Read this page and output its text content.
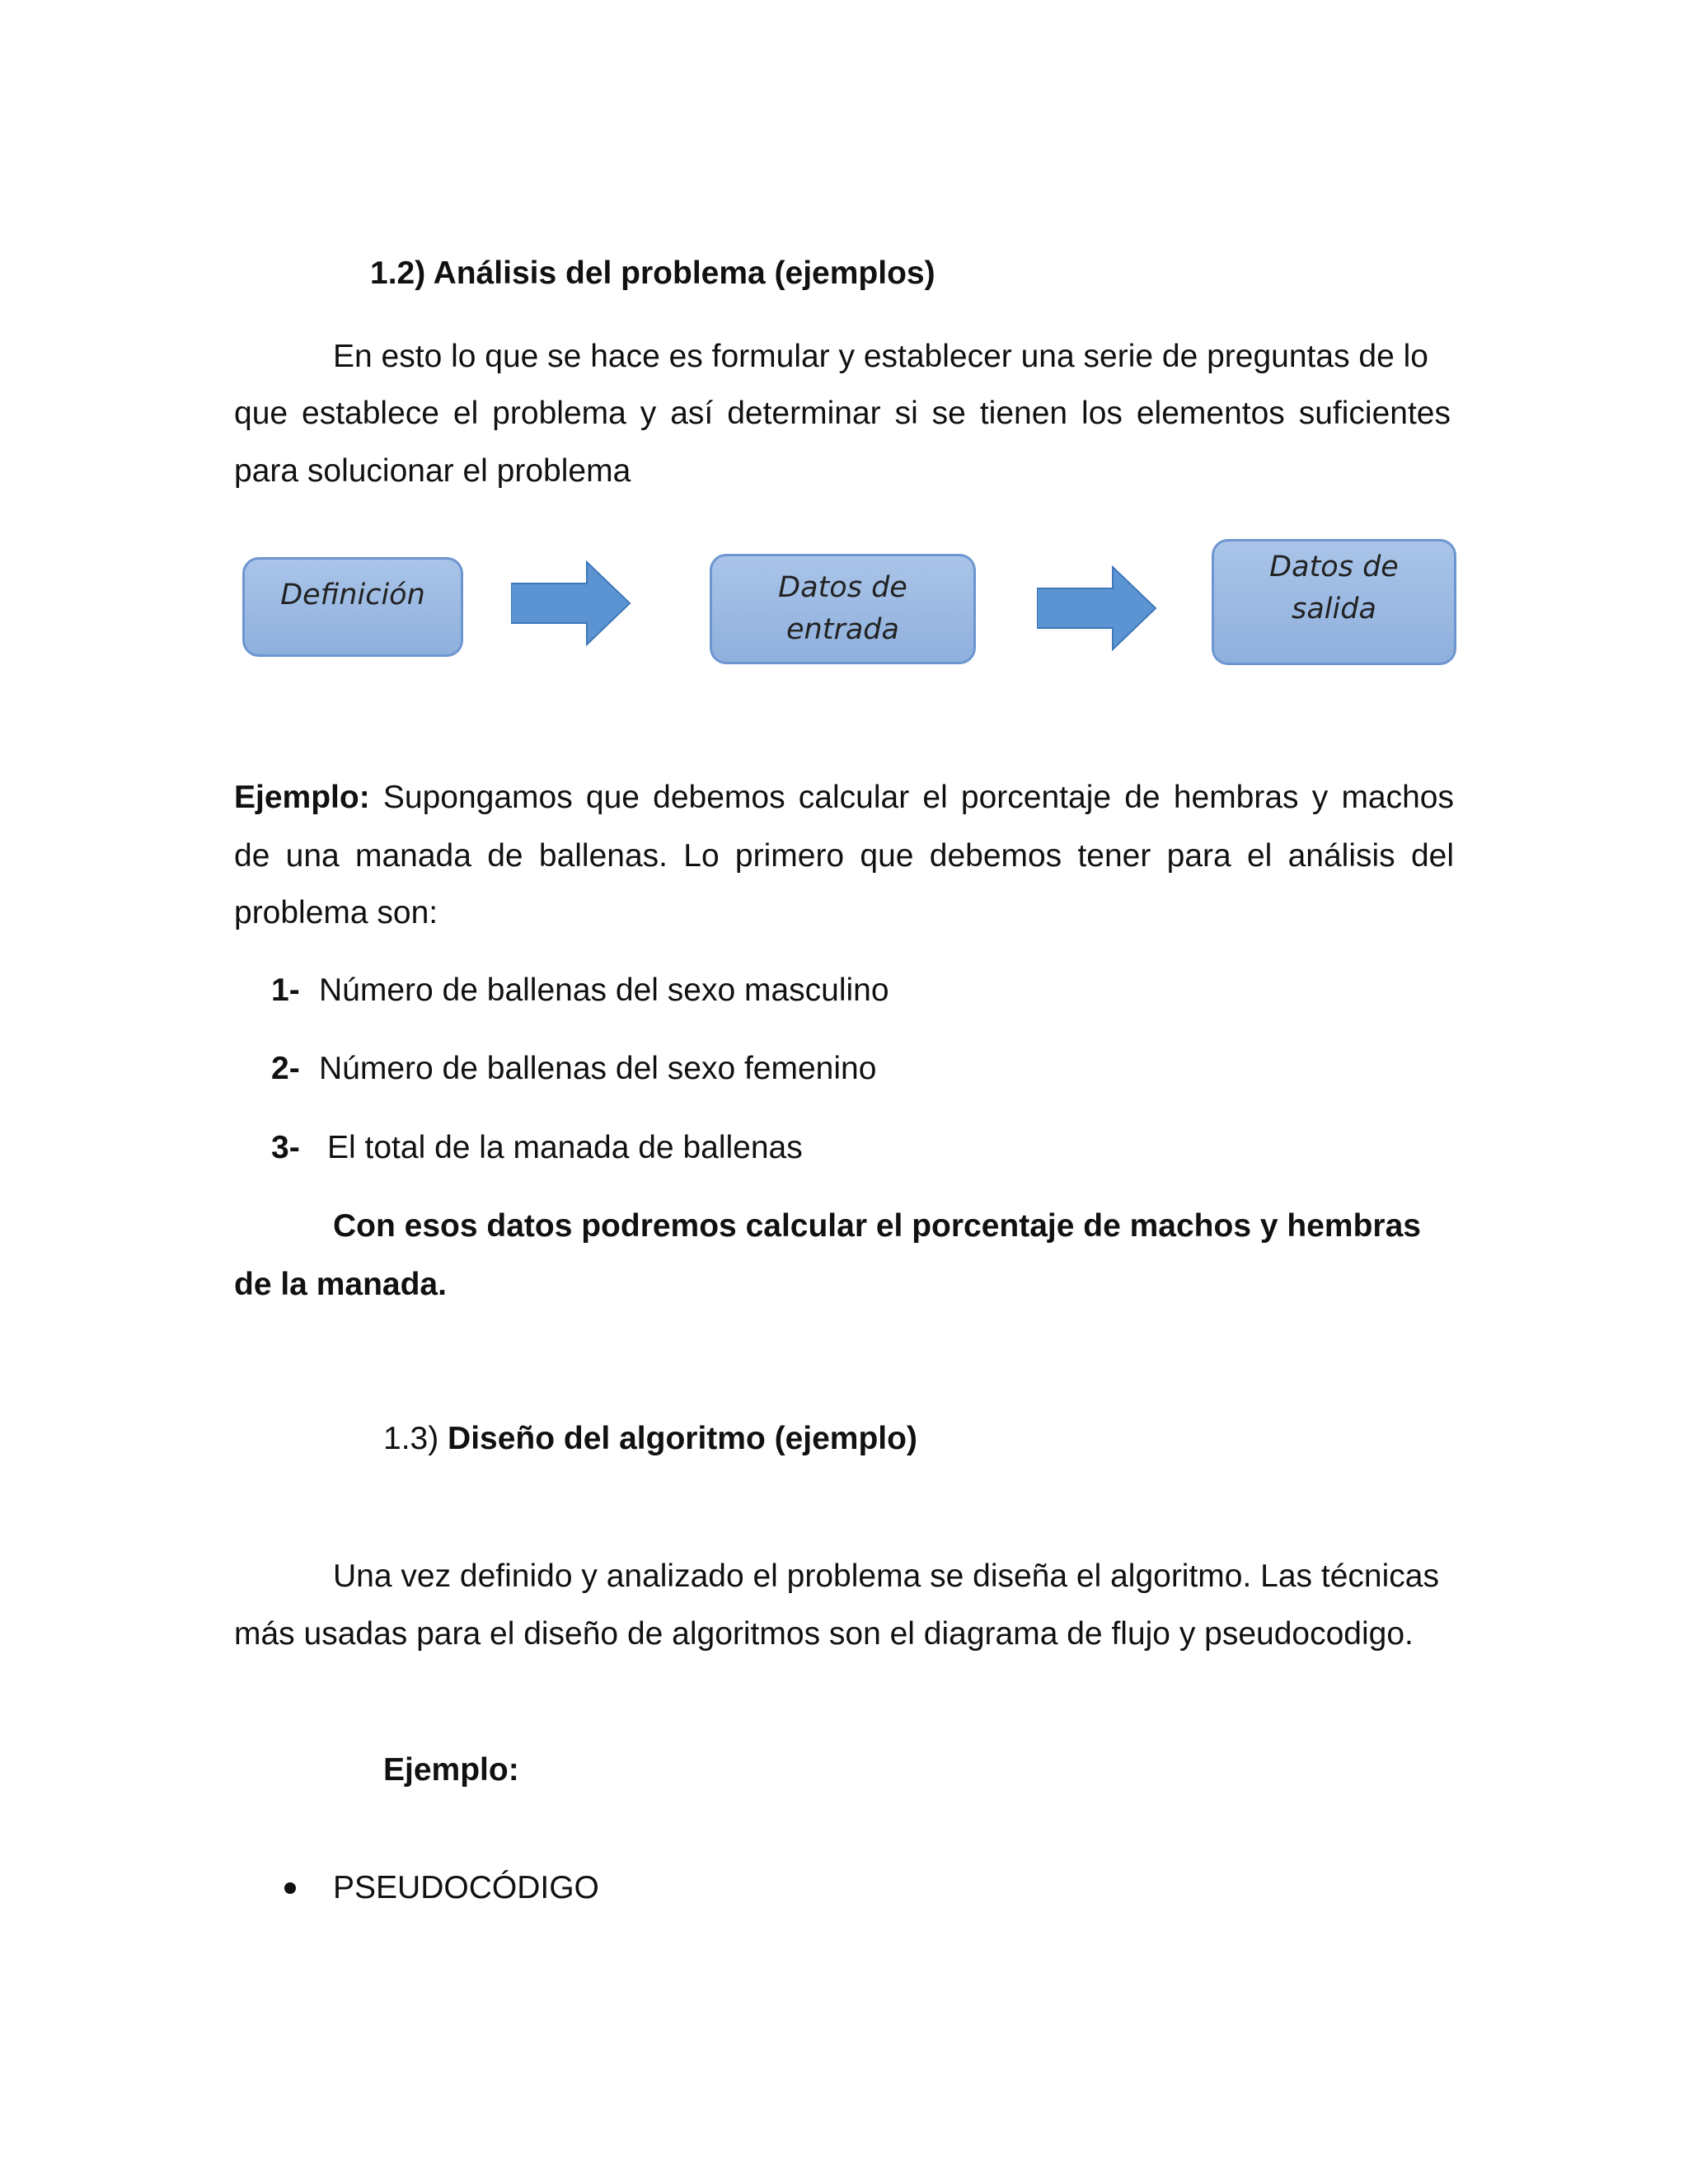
1.2) Análisis del problema (ejemplos)
En esto lo que se hace es formular y establecer una serie de preguntas de lo
que establece el problema y así determinar si se tienen los elementos suficientes
para solucionar el problema
Definición	Datos de
entrada
Datos de
salida
Ejemplo: Supongamos que debemos calcular el porcentaje de hembras y machos
de una manada de ballenas. Lo primero que debemos tener para el análisis del
problema son:
1- Número de ballenas del sexo masculino
2- Número de ballenas del sexo femenino
3- El total de la manada de ballenas
Con esos datos podremos calcular el porcentaje de machos y hembras
de la manada.
1.3) Diseño del algoritmo (ejemplo)
Una vez definido y analizado el problema se diseña el algoritmo. Las técnicas
más usadas para el diseño de algoritmos son el diagrama de flujo y pseudocodigo.
Ejemplo:
PSEUDOCÓDIGO
